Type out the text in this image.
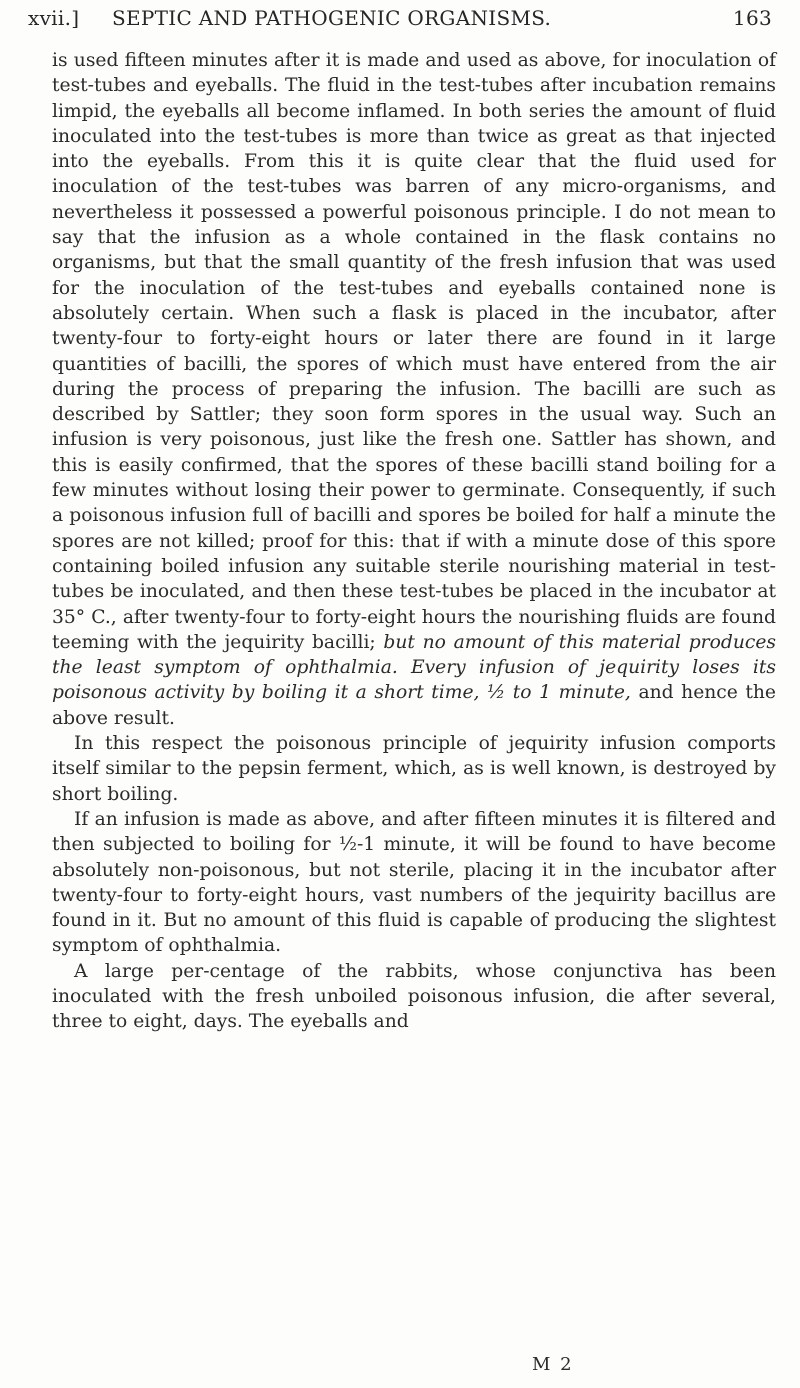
xvii.] SEPTIC AND PATHOGENIC ORGANISMS.	163

is used fifteen minutes after it is made and used as above, for inoculation of test-tubes and eyeballs. The fluid in the test-tubes after incubation remains limpid, the eyeballs all become inflamed. In both series the amount of fluid inoculated into the test-tubes is more than twice as great as that injected into the eyeballs. From this it is quite clear that the fluid used for inoculation of the test-tubes was barren of any micro-organisms, and nevertheless it possessed a powerful poisonous principle. I do not mean to say that the infusion as a whole contained in the flask contains no organisms, but that the small quantity of the fresh infusion that was used for the inoculation of the test-tubes and eyeballs contained none is absolutely certain. When such a flask is placed in the incubator, after twenty-four to forty-eight hours or later there are found in it large quantities of bacilli, the spores of which must have entered from the air during the process of preparing the infusion. The bacilli are such as described by Sattler; they soon form spores in the usual way. Such an infusion is very poisonous, just like the fresh one. Sattler has shown, and this is easily confirmed, that the spores of these bacilli stand boiling for a few minutes without losing their power to germinate. Consequently, if such a poisonous infusion full of bacilli and spores be boiled for half a minute the spores are not killed; proof for this: that if with a minute dose of this spore containing boiled infusion any suitable sterile nourishing material in test-tubes be inoculated, and then these test-tubes be placed in the incubator at 35° C., after twenty-four to forty-eight hours the nourishing fluids are found teeming with the jequirity bacilli; but no amount of this material produces the least symptom of ophthalmia. Every infusion of jequirity loses its poisonous activity by boiling it a short time, ½ to 1 minute, and hence the above result.

In this respect the poisonous principle of jequirity infusion comports itself similar to the pepsin ferment, which, as is well known, is destroyed by short boiling.

If an infusion is made as above, and after fifteen minutes it is filtered and then subjected to boiling for ½-1 minute, it will be found to have become absolutely non-poisonous, but not sterile, placing it in the incubator after twenty-four to forty-eight hours, vast numbers of the jequirity bacillus are found in it. But no amount of this fluid is capable of producing the slightest symptom of ophthalmia.

A large per-centage of the rabbits, whose conjunctiva has been inoculated with the fresh unboiled poisonous infusion, die after several, three to eight, days. The eyeballs and

M 2
